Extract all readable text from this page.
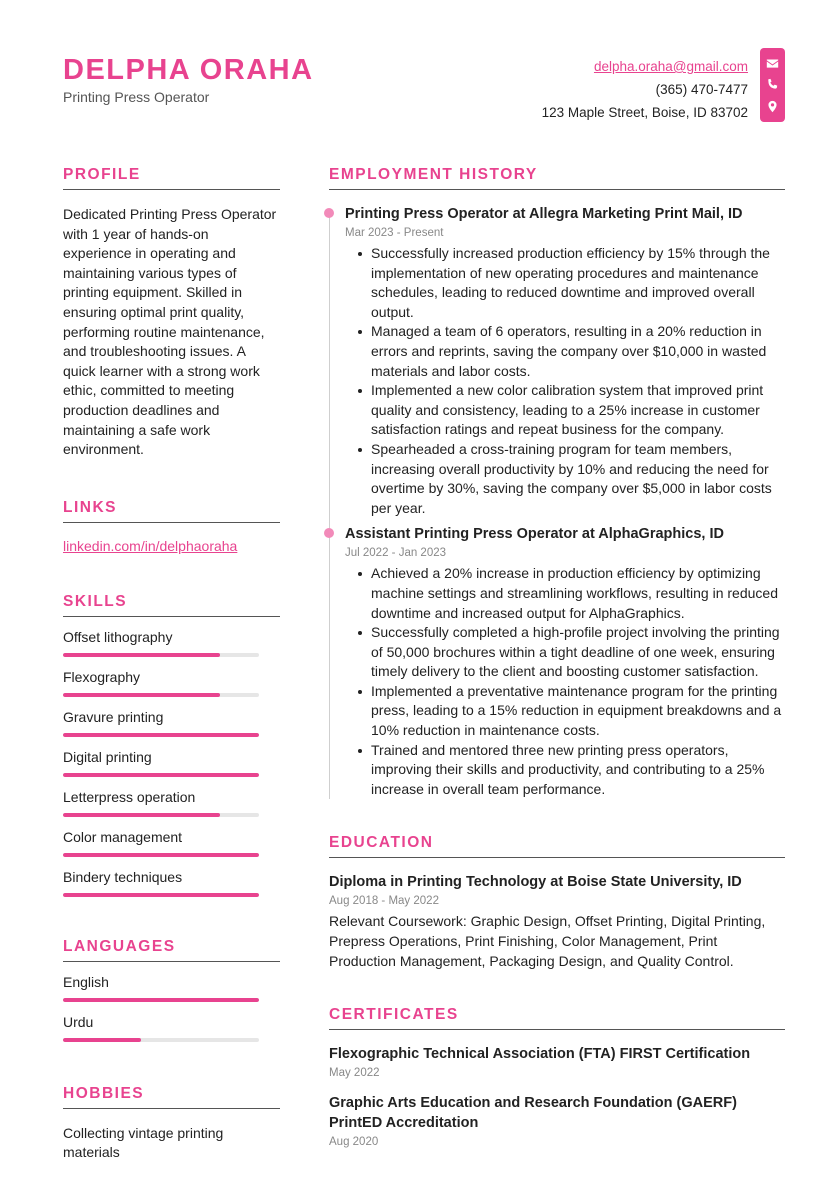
DELPHA ORAHA
Printing Press Operator
delpha.oraha@gmail.com
(365) 470-7477
123 Maple Street, Boise, ID 83702
PROFILE
Dedicated Printing Press Operator with 1 year of hands-on experience in operating and maintaining various types of printing equipment. Skilled in ensuring optimal print quality, performing routine maintenance, and troubleshooting issues. A quick learner with a strong work ethic, committed to meeting production deadlines and maintaining a safe work environment.
LINKS
linkedin.com/in/delphaoraha
SKILLS
Offset lithography
Flexography
Gravure printing
Digital printing
Letterpress operation
Color management
Bindery techniques
LANGUAGES
English
Urdu
HOBBIES
Collecting vintage printing materials
EMPLOYMENT HISTORY
Printing Press Operator at Allegra Marketing Print Mail, ID
Mar 2023 - Present
Successfully increased production efficiency by 15% through the implementation of new operating procedures and maintenance schedules, leading to reduced downtime and improved overall output.
Managed a team of 6 operators, resulting in a 20% reduction in errors and reprints, saving the company over $10,000 in wasted materials and labor costs.
Implemented a new color calibration system that improved print quality and consistency, leading to a 25% increase in customer satisfaction ratings and repeat business for the company.
Spearheaded a cross-training program for team members, increasing overall productivity by 10% and reducing the need for overtime by 30%, saving the company over $5,000 in labor costs per year.
Assistant Printing Press Operator at AlphaGraphics, ID
Jul 2022 - Jan 2023
Achieved a 20% increase in production efficiency by optimizing machine settings and streamlining workflows, resulting in reduced downtime and increased output for AlphaGraphics.
Successfully completed a high-profile project involving the printing of 50,000 brochures within a tight deadline of one week, ensuring timely delivery to the client and boosting customer satisfaction.
Implemented a preventative maintenance program for the printing press, leading to a 15% reduction in equipment breakdowns and a 10% reduction in maintenance costs.
Trained and mentored three new printing press operators, improving their skills and productivity, and contributing to a 25% increase in overall team performance.
EDUCATION
Diploma in Printing Technology at Boise State University, ID
Aug 2018 - May 2022
Relevant Coursework: Graphic Design, Offset Printing, Digital Printing, Prepress Operations, Print Finishing, Color Management, Print Production Management, Packaging Design, and Quality Control.
CERTIFICATES
Flexographic Technical Association (FTA) FIRST Certification
May 2022
Graphic Arts Education and Research Foundation (GAERF) PrintED Accreditation
Aug 2020
